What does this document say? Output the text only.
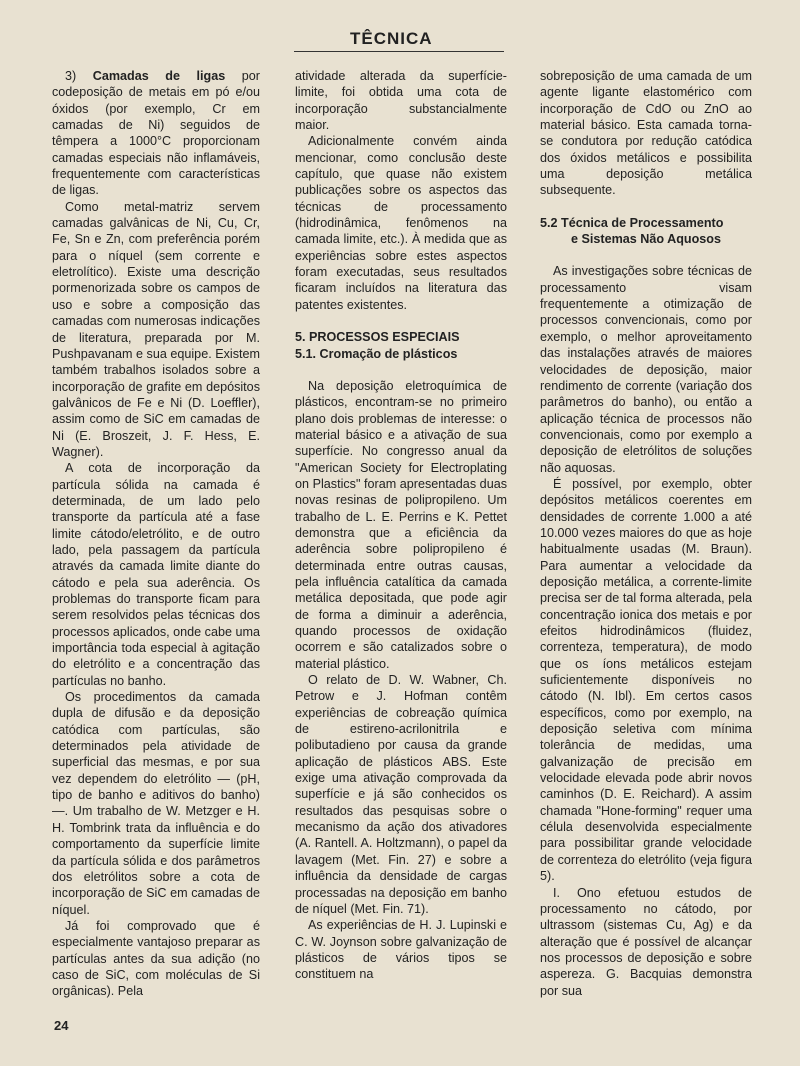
TÊCNICA

3) Camadas de ligas por codeposição de metais em pó e/ou óxidos (por exemplo, Cr em camadas de Ni) seguidos de têmpera a 1000°C proporcionam camadas especiais não inflamáveis, frequentemente com características de ligas.

Como metal-matriz servem camadas galvânicas de Ni, Cu, Cr, Fe, Sn e Zn, com preferência porém para o níquel (sem corrente e eletrolítico). Existe uma descrição pormenorizada sobre os campos de uso e sobre a composição das camadas com numerosas indicações de literatura, preparada por M. Pushpavanam e sua equipe. Existem também trabalhos isolados sobre a incorporação de grafite em depósitos galvânicos de Fe e Ni (D. Loeffler), assim como de SiC em camadas de Ni (E. Broszeit, J. F. Hess, E. Wagner).

A cota de incorporação da partícula sólida na camada é determinada, de um lado pelo transporte da partícula até a fase limite cátodo/eletrólito, e de outro lado, pela passagem da partícula através da camada limite diante do cátodo e pela sua aderência. Os problemas do transporte ficam para serem resolvidos pelas técnicas dos processos aplicados, onde cabe uma importância toda especial à agitação do eletrólito e a concentração das partículas no banho.

Os procedimentos da camada dupla de difusão e da deposição catódica com partículas, são determinados pela atividade de superficial das mesmas, e por sua vez dependem do eletrólito — (pH, tipo de banho e aditivos do banho) —. Um trabalho de W. Metzger e H. H. Tombrink trata da influência e do comportamento da superfície limite da partícula sólida e dos parâmetros dos eletrólitos sobre a cota de incorporação de SiC em camadas de níquel.

Já foi comprovado que é especialmente vantajoso preparar as partículas antes da sua adição (no caso de SiC, com moléculas de Si orgânicas). Pela

atividade alterada da superfície-limite, foi obtida uma cota de incorporação substancialmente maior.

Adicionalmente convém ainda mencionar, como conclusão deste capítulo, que quase não existem publicações sobre os aspectos das técnicas de processamento (hidrodinâmica, fenômenos na camada limite, etc.). À medida que as experiências sobre estes aspectos foram executadas, seus resultados ficaram incluídos na literatura das patentes existentes.

5. PROCESSOS ESPECIAIS
5.1. Cromação de plásticos

Na deposição eletroquímica de plásticos, encontram-se no primeiro plano dois problemas de interesse: o material básico e a ativação de sua superfície. No congresso anual da "American Society for Electroplating on Plastics" foram apresentadas duas novas resinas de polipropileno. Um trabalho de L. E. Perrins e K. Pettet demonstra que a eficiência da aderência sobre polipropileno é determinada entre outras causas, pela influência catalítica da camada metálica depositada, que pode agir de forma a diminuir a aderência, quando processos de oxidação ocorrem e são catalizados sobre o material plástico.

O relato de D. W. Wabner, Ch. Petrow e J. Hofman contêm experiências de cobreação química de estireno-acrilonitrila e polibutadieno por causa da grande aplicação de plásticos ABS. Este exige uma ativação comprovada da superfície e já são conhecidos os resultados das pesquisas sobre o mecanismo da ação dos ativadores (A. Rantell. A. Holtzmann), o papel da lavagem (Met. Fin. 27) e sobre a influência da densidade de cargas processadas na deposição em banho de níquel (Met. Fin. 71).

As experiências de H. J. Lupinski e C. W. Joynson sobre galvanização de plásticos de vários tipos se constituem na

sobreposição de uma camada de um agente ligante elastomérico com incorporação de CdO ou ZnO ao material básico. Esta camada torna-se condutora por redução catódica dos óxidos metálicos e possibilita uma deposição metálica subsequente.

5.2 Técnica de Processamento
e Sistemas Não Aquosos

As investigações sobre técnicas de processamento visam frequentemente a otimização de processos convencionais, como por exemplo, o melhor aproveitamento das instalações através de maiores velocidades de deposição, maior rendimento de corrente (variação dos parâmetros do banho), ou então a aplicação técnica de processos não convencionais, como por exemplo a deposição de eletrólitos de soluções não aquosas.

É possível, por exemplo, obter depósitos metálicos coerentes em densidades de corrente 1.000 a até 10.000 vezes maiores do que as hoje habitualmente usadas (M. Braun). Para aumentar a velocidade da deposição metálica, a corrente-limite precisa ser de tal forma alterada, pela concentração ionica dos metais e por efeitos hidrodinâmicos (fluidez, correnteza, temperatura), de modo que os íons metálicos estejam suficientemente disponíveis no cátodo (N. Ibl). Em certos casos específicos, como por exemplo, na deposição seletiva com mínima tolerância de medidas, uma galvanização de precisão em velocidade elevada pode abrir novos caminhos (D. E. Reichard). A assim chamada "Hone-forming" requer uma célula desenvolvida especialmente para possibilitar grande velocidade de correnteza do eletrólito (veja figura 5).

I. Ono efetuou estudos de processamento no cátodo, por ultrassom (sistemas Cu, Ag) e da alteração que é possível de alcançar nos processos de deposição e sobre aspereza. G. Bacquias demonstra por sua

24
